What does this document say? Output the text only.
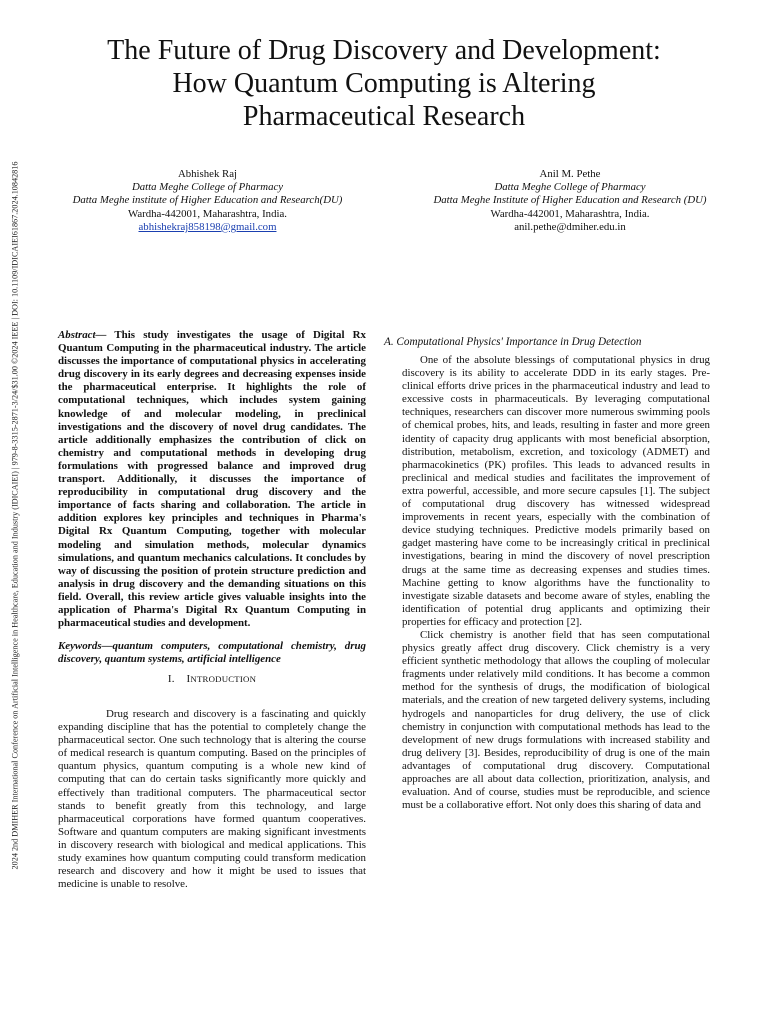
2024 2nd DMIHER International Conference on Artificial Intelligence in Healthcare, Education and Industry (IDICAIEI) | 979-8-3315-2871-3/24/$31.00 ©2024 IEEE | DOI: 10.1109/IDICAIEI61867.2024.10842816
The Future of Drug Discovery and Development:
How Quantum Computing is Altering
Pharmaceutical Research
Abhishek Raj
Datta Meghe College of Pharmacy
Datta Meghe institute of Higher Education and Research(DU)
Wardha-442001, Maharashtra, India.
abhishekraj858198@gmail.com
Anil M. Pethe
Datta Meghe College of Pharmacy
Datta Meghe Institute of Higher Education and Research (DU)
Wardha-442001, Maharashtra, India.
anil.pethe@dmiher.edu.in
Abstract— This study investigates the usage of Digital Rx Quantum Computing in the pharmaceutical industry. The article discusses the importance of computational physics in accelerating drug discovery in its early degrees and decreasing expenses inside the pharmaceutical enterprise. It highlights the role of computational techniques, which includes system gaining knowledge of and molecular modeling, in preclinical investigations and the discovery of novel drug candidates. The article additionally emphasizes the contribution of click on chemistry and computational methods in developing drug formulations with progressed balance and improved drug transport. Additionally, it discusses the importance of reproducibility in computational drug discovery and the importance of facts sharing and collaboration. The article in addition explores key principles and techniques in Pharma's Digital Rx Quantum Computing, together with molecular modeling and simulation methods, molecular dynamics simulations, and quantum mechanics calculations. It concludes by way of discussing the position of protein structure prediction and analysis in drug discovery and the demanding situations on this field. Overall, this review article gives valuable insights into the application of Pharma's Digital Rx Quantum Computing in pharmaceutical studies and development.
Keywords—quantum computers, computational chemistry, drug discovery, quantum systems, artificial intelligence
I. INTRODUCTION

Drug research and discovery is a fascinating and quickly expanding discipline that has the potential to completely change the pharmaceutical sector. One such technology that is altering the course of medical research is quantum computing. Based on the principles of quantum physics, quantum computing is a whole new kind of computing that can do certain tasks significantly more quickly and effectively than traditional computers. The pharmaceutical sector stands to benefit greatly from this technology, and large pharmaceutical corporations have formed quantum cooperatives. Software and quantum computers are making significant investments in discovery research with biological and medical applications. This study examines how quantum computing could transform medication research and discovery and how it might be used to issues that medicine is unable to resolve.

A. Computational Physics' Importance in Drug Detection

One of the absolute blessings of computational physics in drug discovery is its ability to accelerate DDD in its early stages. Pre-clinical efforts drive prices in the pharmaceutical industry and lead to excessive costs in pharmaceuticals. By leveraging computational techniques, researchers can discover more numerous swimming pools of chemical probes, hits, and leads, resulting in faster and more green identity of capacity drug applicants with most beneficial absorption, distribution, metabolism, excretion, and toxicology (ADMET) and pharmacokinetics (PK) profiles. This leads to advanced results in preclinical and medical studies and facilitates the improvement of extra powerful, accessible, and more secure capsules [1]. The subject of computational drug discovery has witnessed widespread improvements in recent years, especially with the combination of device studying techniques. Predictive models primarily based on gadget mastering have come to be increasingly critical in preclinical investigations, bearing in mind the discovery of novel prescription drugs at the same time as decreasing expenses and studies times. Machine getting to know algorithms have the functionality to investigate sizable datasets and become aware of styles, enabling the identification of potential drug applicants and optimizing their properties for efficacy and protection [2].

Click chemistry is another field that has seen computational physics greatly affect drug discovery. Click chemistry is a very efficient synthetic methodology that allows the coupling of molecular fragments under relatively mild conditions. It has become a common method for the synthesis of drugs, the modification of biological materials, and the creation of new targeted delivery systems, including hydrogels and nanoparticles for drug delivery, the use of click chemistry in conjunction with computational methods has lead to the development of new drugs formulations with increased stability and drug delivery [3]. Besides, reproducibility of drug is one of the main advantages of computational drug discovery. Computational approaches are all about data collection, prioritization, analysis, and evaluation. And of course, studies must be reproducible, and science must be a collaborative effort. Not only does this sharing of data and
